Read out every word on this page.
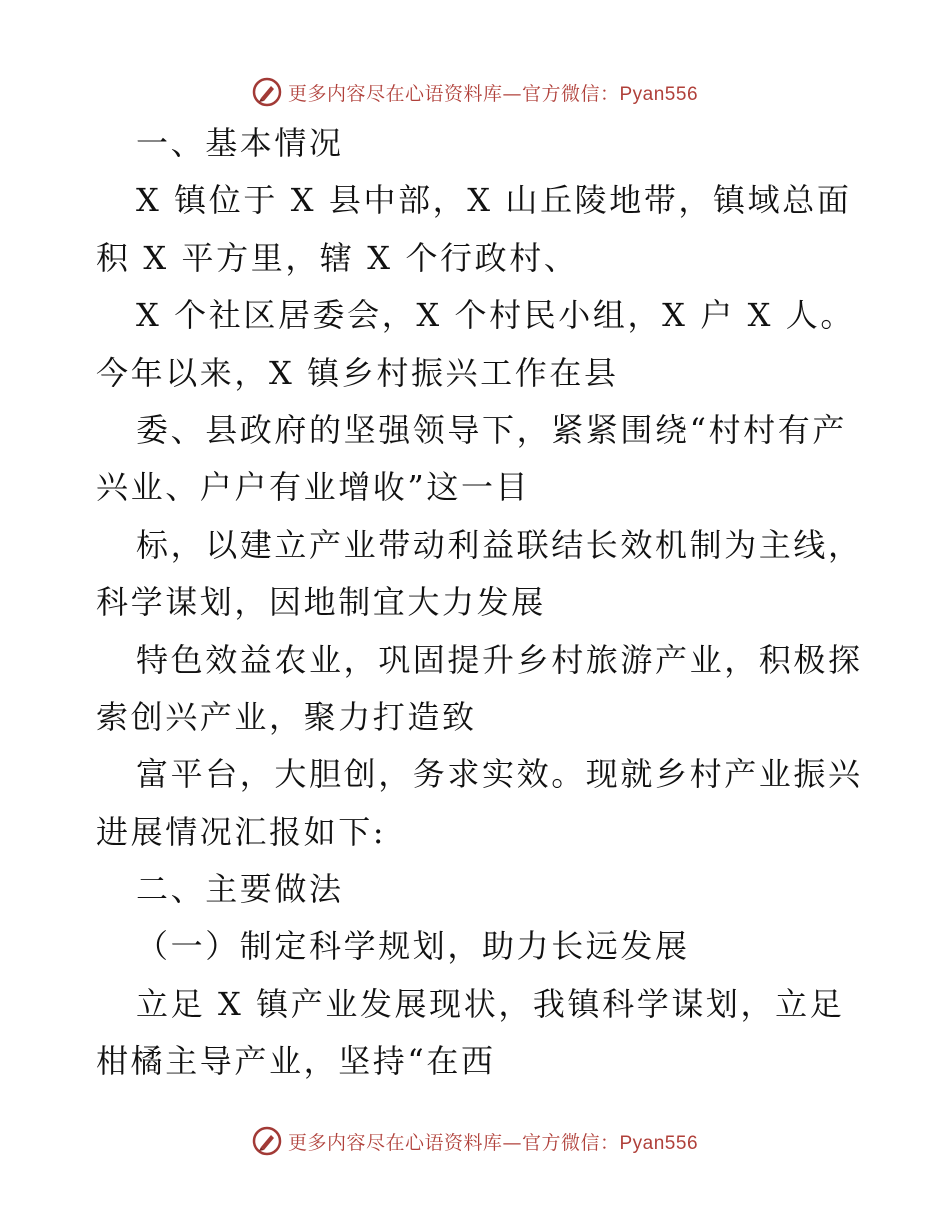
更多内容尽在心语资料库—官方微信：Pyan556
一、基本情况
X 镇位于 X 县中部，X 山丘陵地带，镇域总面
积 X 平方里，辖 X 个行政村、
X 个社区居委会，X 个村民小组，X 户 X 人。
今年以来，X 镇乡村振兴工作在县
委、县政府的坚强领导下，紧紧围绕“村村有产
兴业、户户有业增收”这一目
标，以建立产业带动利益联结长效机制为主线，
科学谋划，因地制宜大力发展
特色效益农业，巩固提升乡村旅游产业，积极探
索创兴产业，聚力打造致
富平台，大胆创，务求实效。现就乡村产业振兴
进展情况汇报如下:
二、主要做法
（一）制定科学规划，助力长远发展
立足 X 镇产业发展现状，我镇科学谋划，立足
柑橘主导产业，坚持“在西
更多内容尽在心语资料库—官方微信：Pyan556
